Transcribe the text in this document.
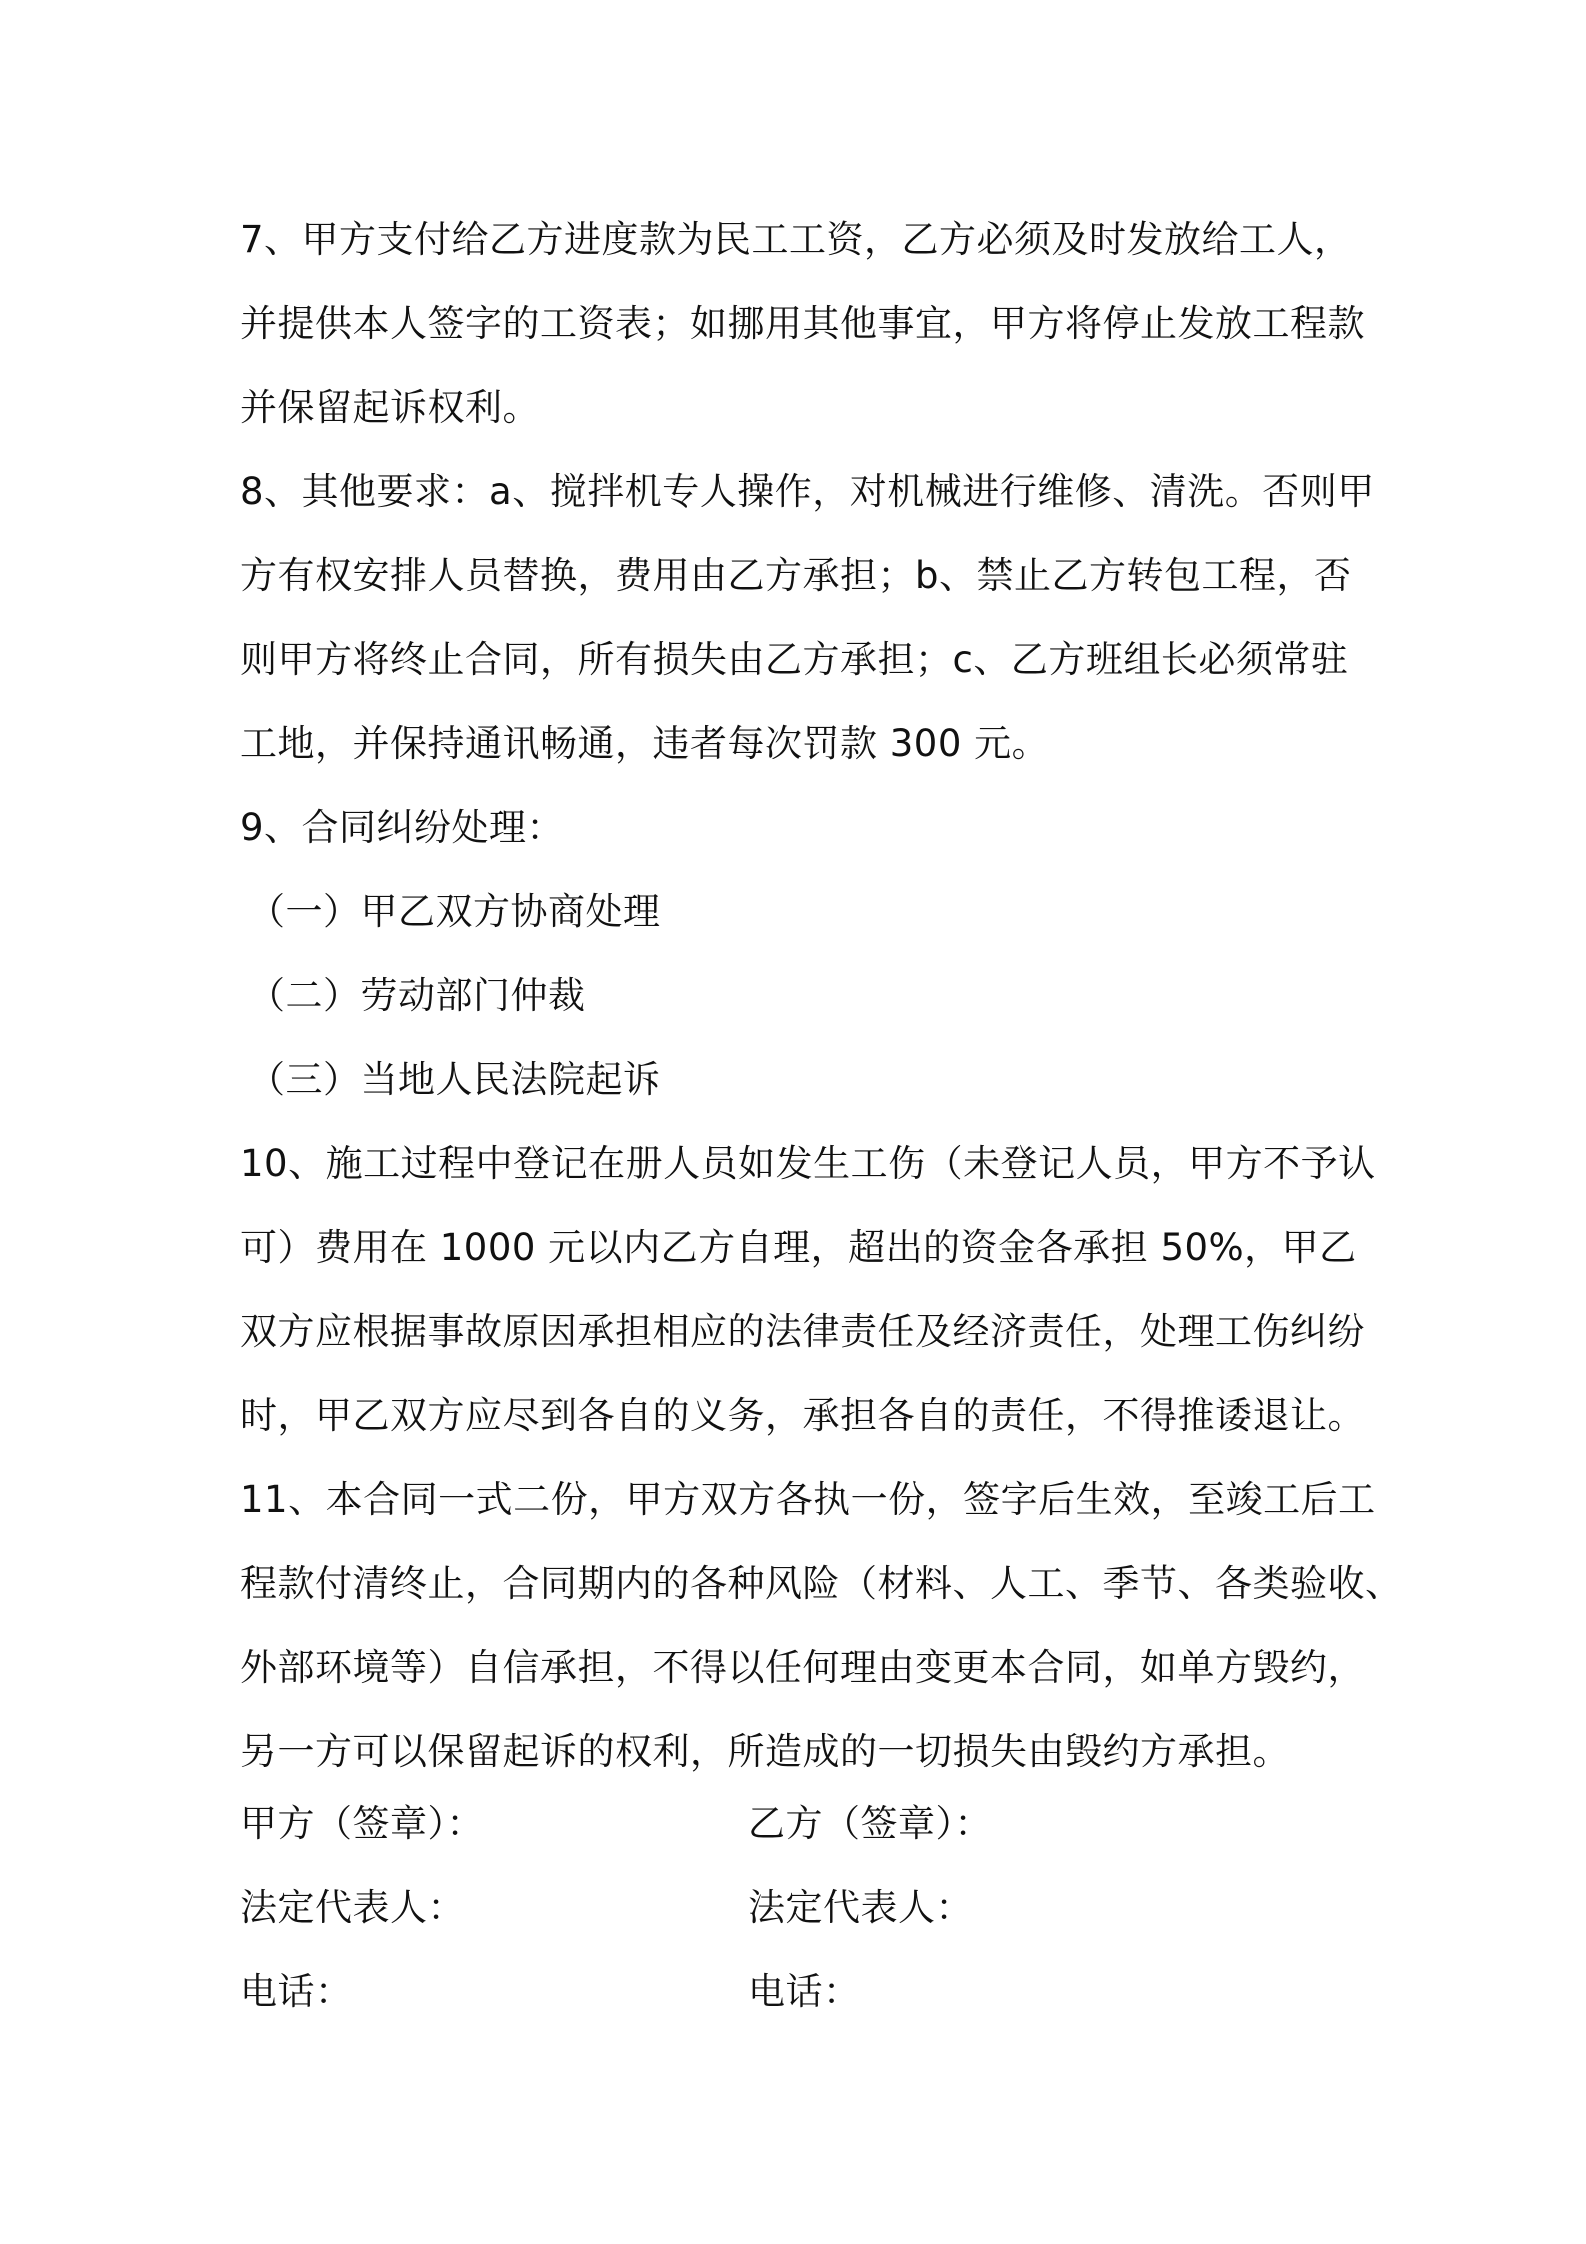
7、甲方支付给乙方进度款为民工工资，乙方必须及时发放给工人，
并提供本人签字的工资表；如挪用其他事宜，甲方将停止发放工程款
并保留起诉权利。

8、其他要求：a、搅拌机专人操作，对机械进行维修、清洗。否则甲
方有权安排人员替换，费用由乙方承担；b、禁止乙方转包工程，否
则甲方将终止合同，所有损失由乙方承担；c、乙方班组长必须常驻
工地，并保持通讯畅通，违者每次罚款 300 元。

9、合同纠纷处理：
（一）甲乙双方协商处理
（二）劳动部门仲裁
（三）当地人民法院起诉

10、施工过程中登记在册人员如发生工伤（未登记人员，甲方不予认
可）费用在 1000 元以内乙方自理，超出的资金各承担 50%，甲乙
双方应根据事故原因承担相应的法律责任及经济责任，处理工伤纠纷
时，甲乙双方应尽到各自的义务，承担各自的责任，不得推诿退让。

11、本合同一式二份，甲方双方各执一份，签字后生效，至竣工后工
程款付清终止，合同期内的各种风险（材料、人工、季节、各类验收、
外部环境等）自信承担，不得以任何理由变更本合同，如单方毁约，
另一方可以保留起诉的权利，所造成的一切损失由毁约方承担。

甲方（签章）：	乙方（签章）：
法定代表人：	法定代表人：
电话：	电话：
